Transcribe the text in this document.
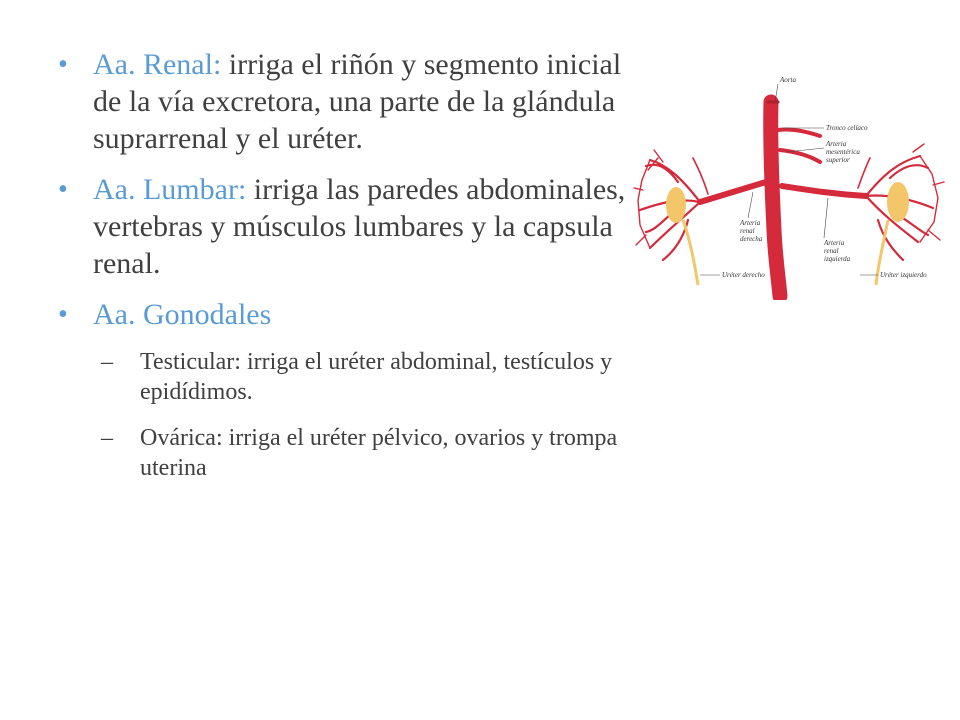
• Aa. Renal: irriga el riñón y segmento inicial de la vía excretora, una parte de la glándula suprarrenal y el uréter.
• Aa. Lumbar: irriga las paredes abdominales, vertebras y músculos lumbares y la capsula renal.
• Aa. Gonodales
– Testicular: irriga el uréter abdominal, testículos y epidídimos.
– Ovárica: irriga el uréter pélvico, ovarios y trompa uterina
Aorta
Tronco celíaco
Arteria
mesentérica
superior
Arteria
renal
derecha	Arteria
renal
izquierda
Uréter derecho	Uréter izquierdo
